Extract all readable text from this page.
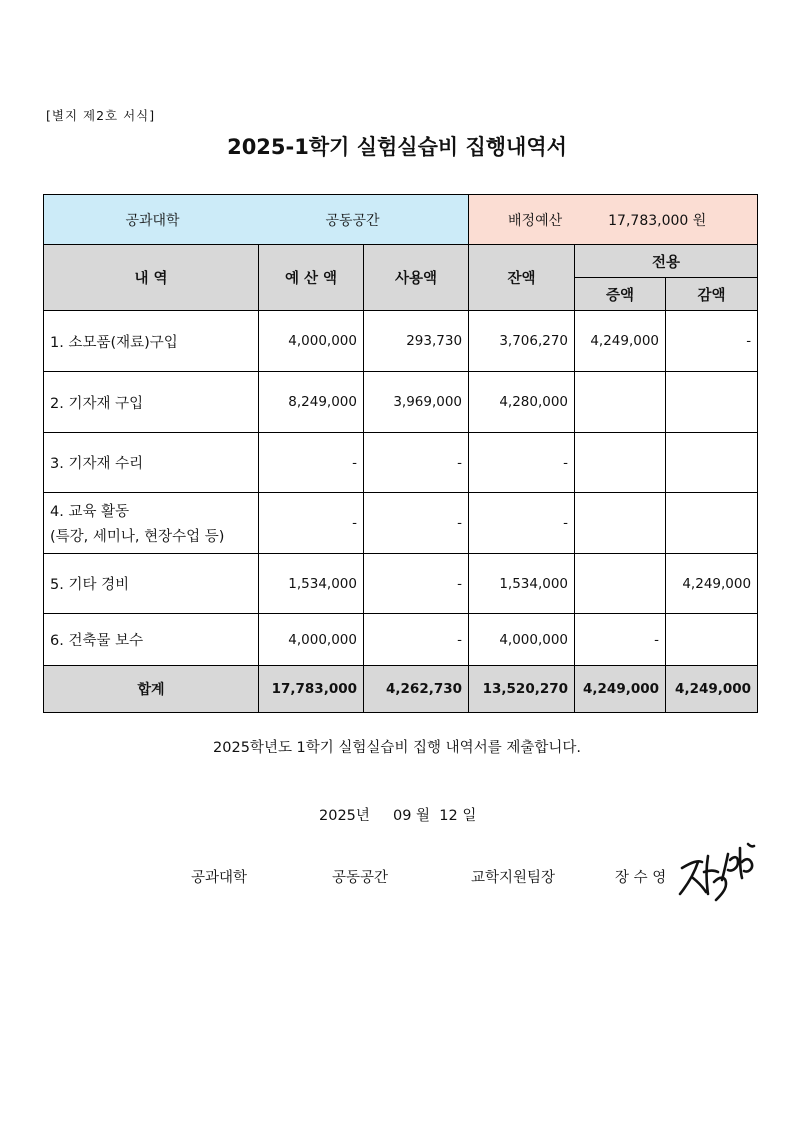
[별지 제2호 서식]
2025-1학기 실험실습비 집행내역서
공과대학 공동공간			배정예산 17,783,000 원		

내 역	예 산 액	사용액	잔액	전용	
				증액	감액
1. 소모품(재료)구입	4,000,000	293,730	3,706,270	4,249,000	-
2. 기자재 구입	8,249,000	3,969,000	4,280,000		
3. 기자재 수리	-	-	-		

4. 교육 활동
(특강, 세미나, 현장수업 등)	-	-	-		
5. 기타 경비	1,534,000	-	1,534,000		4,249,000
6. 건축물 보수	4,000,000	-	4,000,000	-	
합계	17,783,000	4,262,730	13,520,270	4,249,000	4,249,000
2025학년도 1학기 실험실습비 집행 내역서를 제출합니다.
2025년 09 월 12 일
공과대학	공동공간	교학지원팀장	장 수 영
